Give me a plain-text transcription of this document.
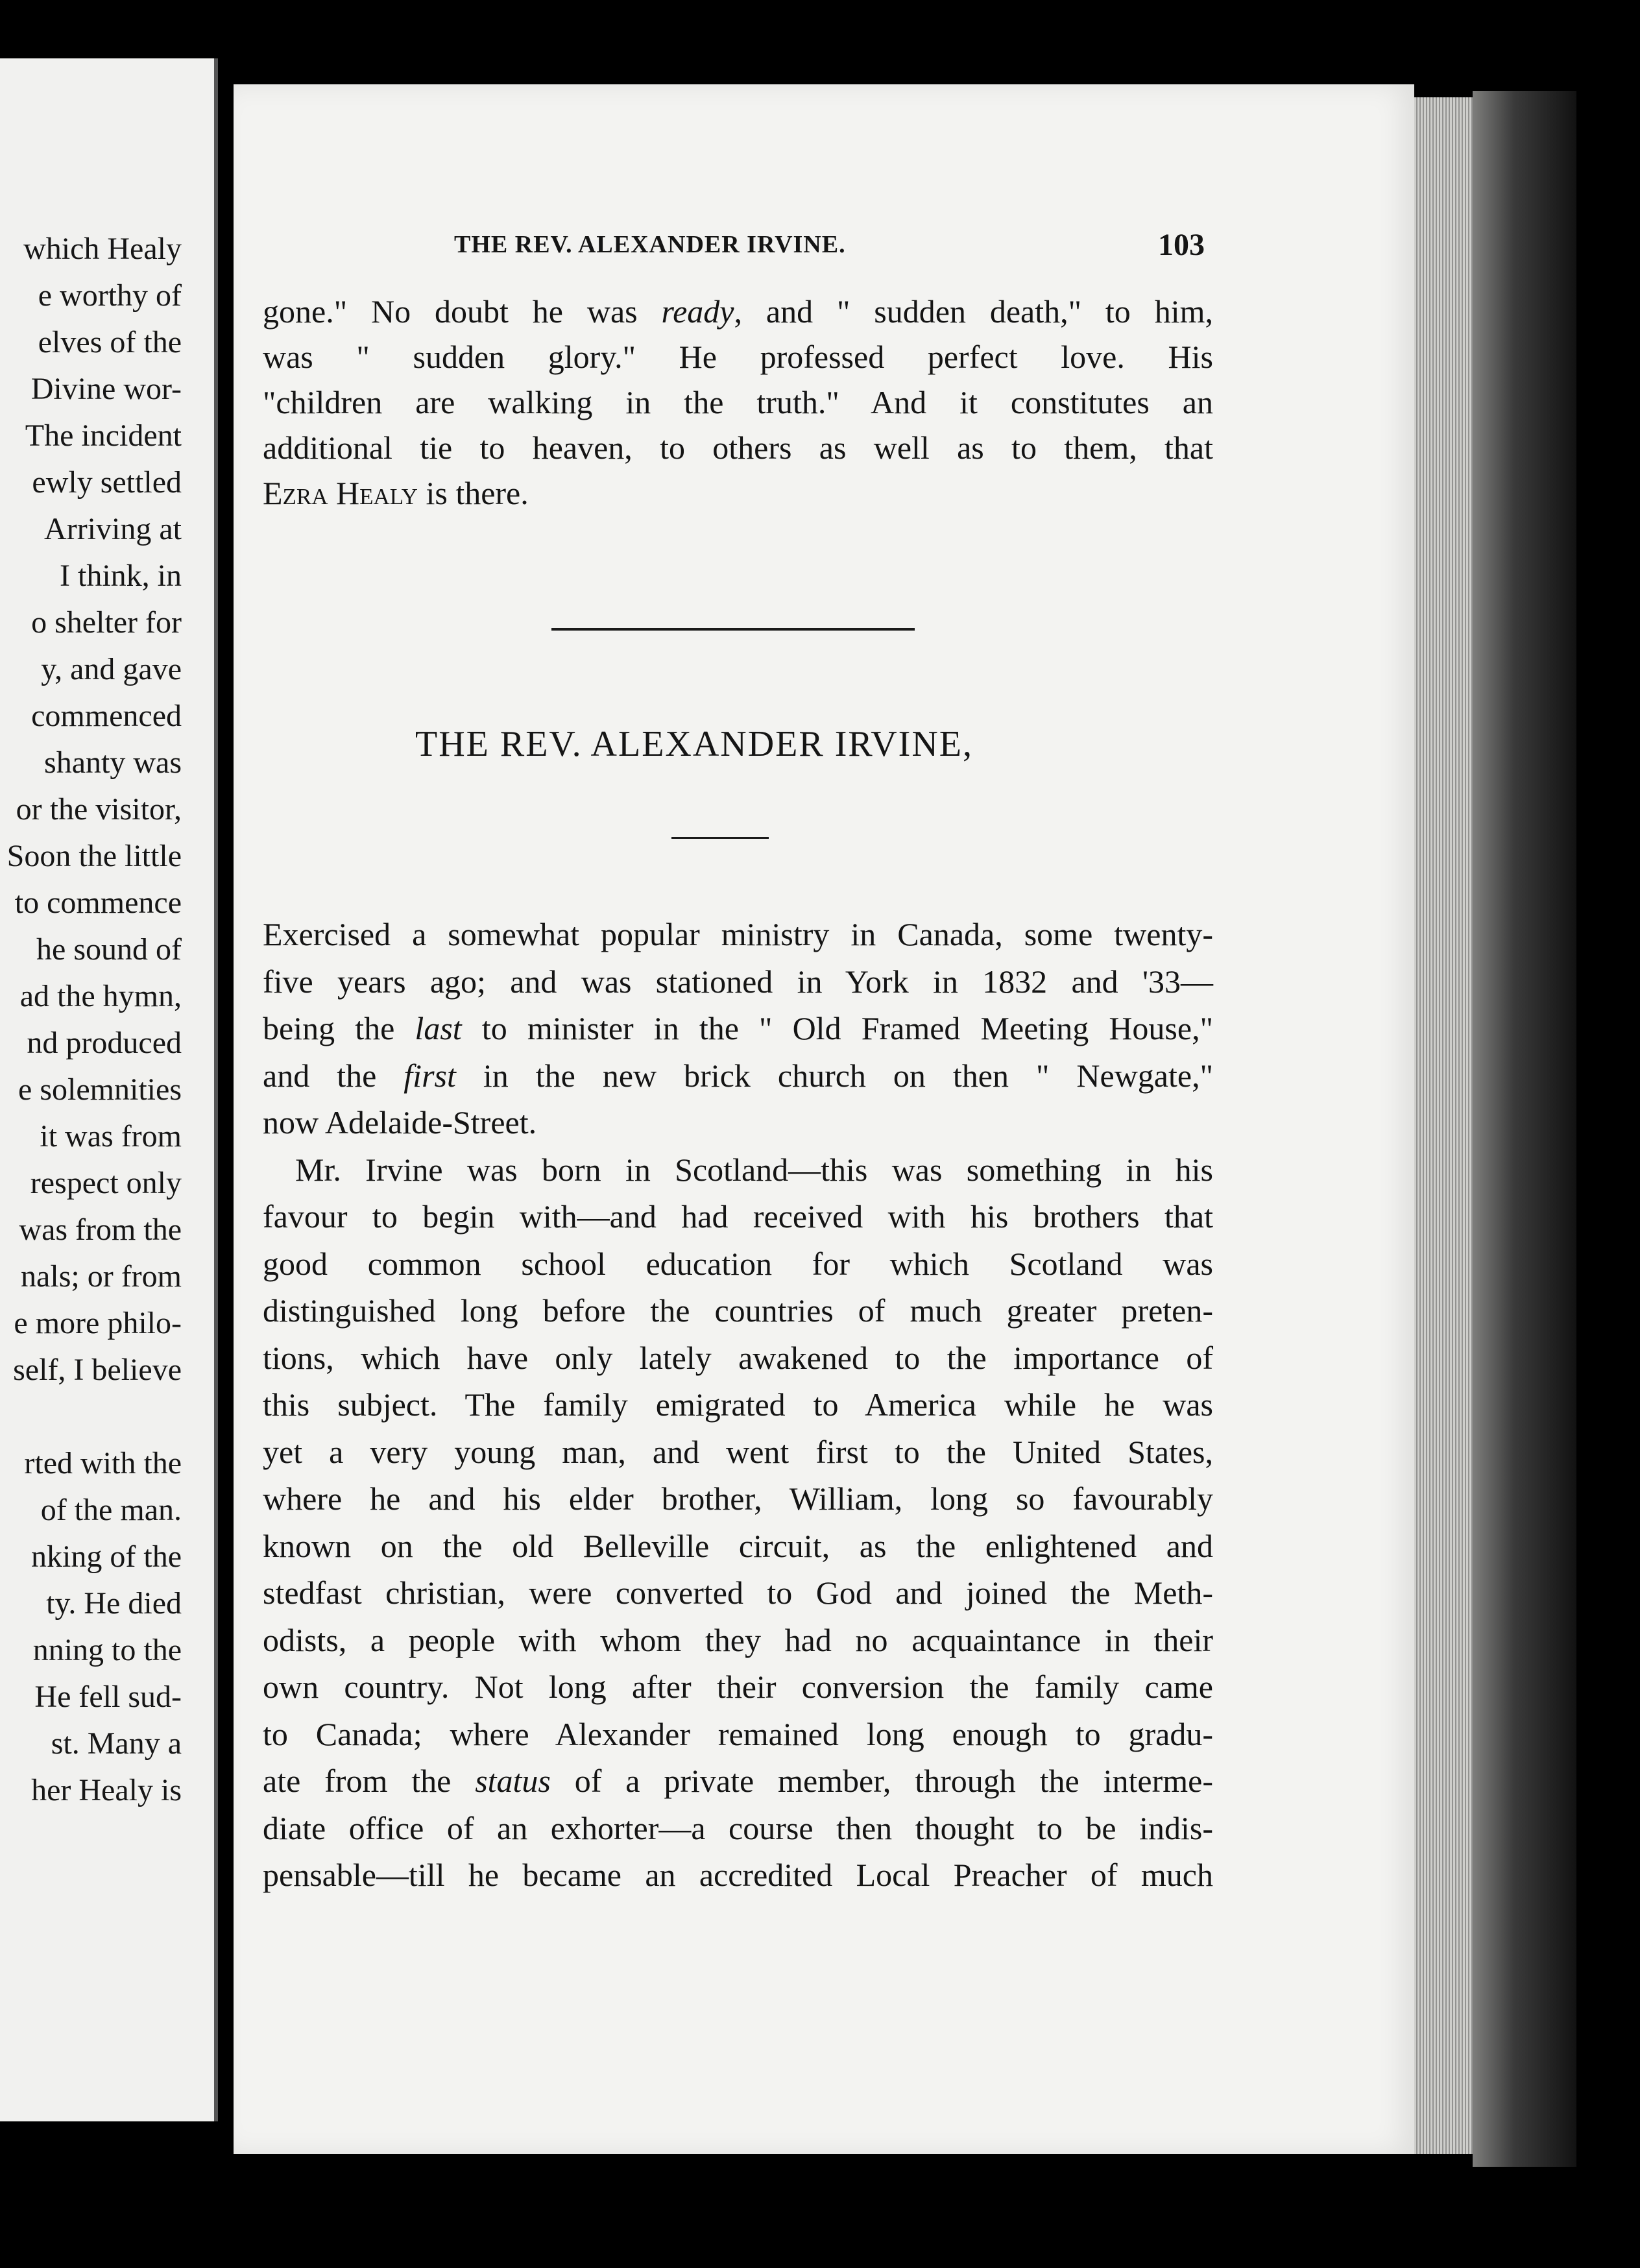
which Healy
e worthy of
elves of the
Divine wor-
The incident
ewly settled
Arriving at
I think, in
o shelter for
y, and gave
commenced
shanty was
or the visitor,
Soon the little
to commence
he sound of
ad the hymn,
nd produced
e solemnities
it was from
respect only
was from the
nals; or from
e more philo-
self, I believe
rted with the
of the man.
nking of the
ty. He died
nning to the
He fell sud-
st. Many a
her Healy is
THE REV. ALEXANDER IRVINE.	103
gone." No doubt he was ready, and " sudden death," to him,
was " sudden glory." He professed perfect love. His
"children are walking in the truth." And it constitutes an
additional tie to heaven, to others as well as to them, that
Ezra Healy is there.
THE REV. ALEXANDER IRVINE,
Exercised a somewhat popular ministry in Canada, some twenty-
five years ago; and was stationed in York in 1832 and '33—
being the last to minister in the " Old Framed Meeting House,"
and the first in the new brick church on then " Newgate,"
now Adelaide-Street.
Mr. Irvine was born in Scotland—this was something in his
favour to begin with—and had received with his brothers that
good common school education for which Scotland was
distinguished long before the countries of much greater preten-
tions, which have only lately awakened to the importance of
this subject. The family emigrated to America while he was
yet a very young man, and went first to the United States,
where he and his elder brother, William, long so favourably
known on the old Belleville circuit, as the enlightened and
stedfast christian, were converted to God and joined the Meth-
odists, a people with whom they had no acquaintance in their
own country. Not long after their conversion the family came
to Canada; where Alexander remained long enough to gradu-
ate from the status of a private member, through the interme-
diate office of an exhorter—a course then thought to be indis-
pensable—till he became an accredited Local Preacher of much
